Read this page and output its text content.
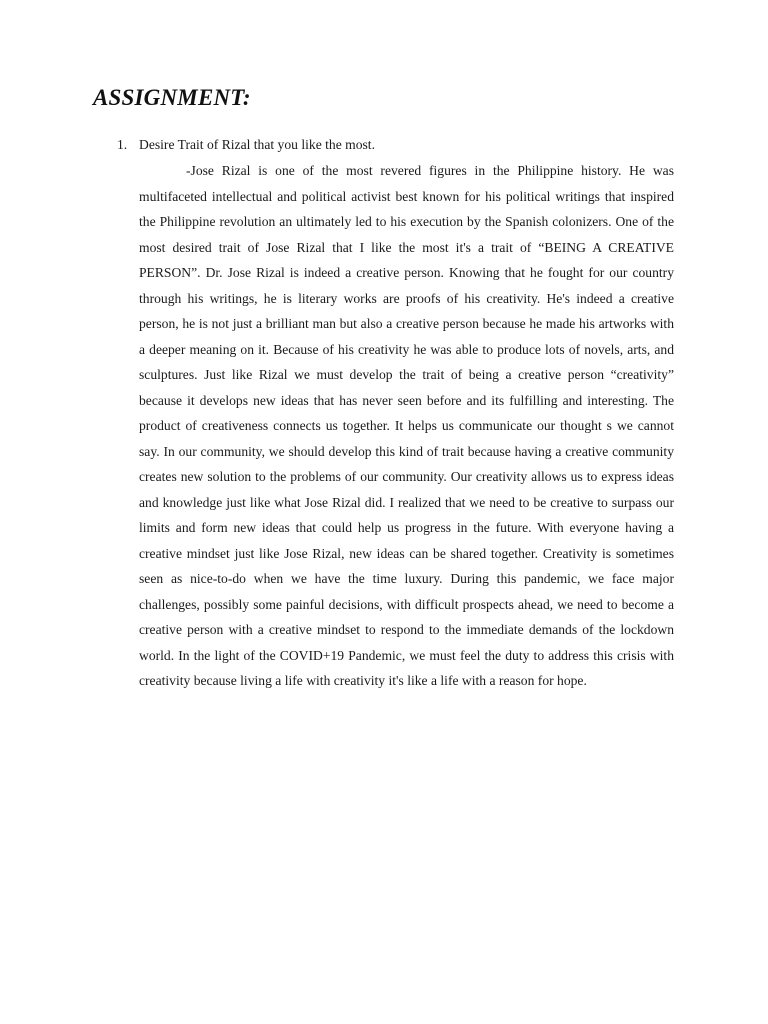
ASSIGNMENT:
1. Desire Trait of Rizal that you like the most.

-Jose Rizal is one of the most revered figures in the Philippine history. He was multifaceted intellectual and political activist best known for his political writings that inspired the Philippine revolution an ultimately led to his execution by the Spanish colonizers. One of the most desired trait of Jose Rizal that I like the most it's a trait of “BEING A CREATIVE PERSON”. Dr. Jose Rizal is indeed a creative person. Knowing that he fought for our country through his writings, he is literary works are proofs of his creativity. He's indeed a creative person, he is not just a brilliant man but also a creative person because he made his artworks with a deeper meaning on it. Because of his creativity he was able to produce lots of novels, arts, and sculptures. Just like Rizal we must develop the trait of being a creative person “creativity” because it develops new ideas that has never seen before and its fulfilling and interesting. The product of creativeness connects us together. It helps us communicate our thought s we cannot say. In our community, we should develop this kind of trait because having a creative community creates new solution to the problems of our community. Our creativity allows us to express ideas and knowledge just like what Jose Rizal did. I realized that we need to be creative to surpass our limits and form new ideas that could help us progress in the future. With everyone having a creative mindset just like Jose Rizal, new ideas can be shared together. Creativity is sometimes seen as nice-to-do when we have the time luxury. During this pandemic, we face major challenges, possibly some painful decisions, with difficult prospects ahead, we need to become a creative person with a creative mindset to respond to the immediate demands of the lockdown world. In the light of the COVID+19 Pandemic, we must feel the duty to address this crisis with creativity because living a life with creativity it's like a life with a reason for hope.
